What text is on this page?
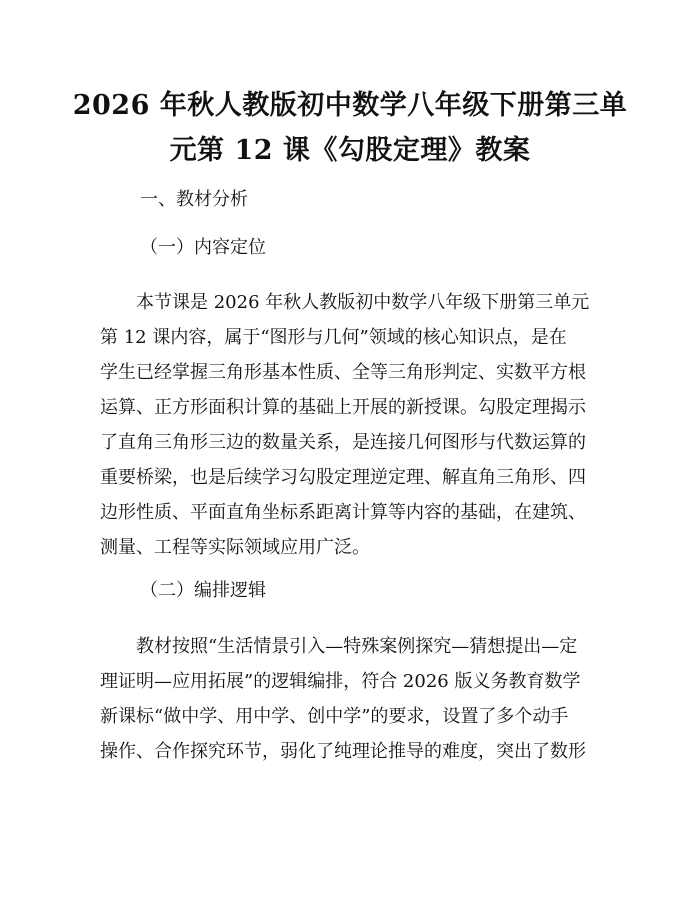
2026 年秋人教版初中数学八年级下册第三单
元第 12 课《勾股定理》教案
一、教材分析
（一）内容定位

　　本节课是 2026 年秋人教版初中数学八年级下册第三单元
第 12 课内容，属于“图形与几何”领域的核心知识点，是在
学生已经掌握三角形基本性质、全等三角形判定、实数平方根
运算、正方形面积计算的基础上开展的新授课。勾股定理揭示
了直角三角形三边的数量关系，是连接几何图形与代数运算的
重要桥梁，也是后续学习勾股定理逆定理、解直角三角形、四
边形性质、平面直角坐标系距离计算等内容的基础，在建筑、
测量、工程等实际领域应用广泛。

（二）编排逻辑

　　教材按照“生活情景引入—特殊案例探究—猜想提出—定
理证明—应用拓展”的逻辑编排，符合 2026 版义务教育数学
新课标“做中学、用中学、创中学”的要求，设置了多个动手
操作、合作探究环节，弱化了纯理论推导的难度，突出了数形
